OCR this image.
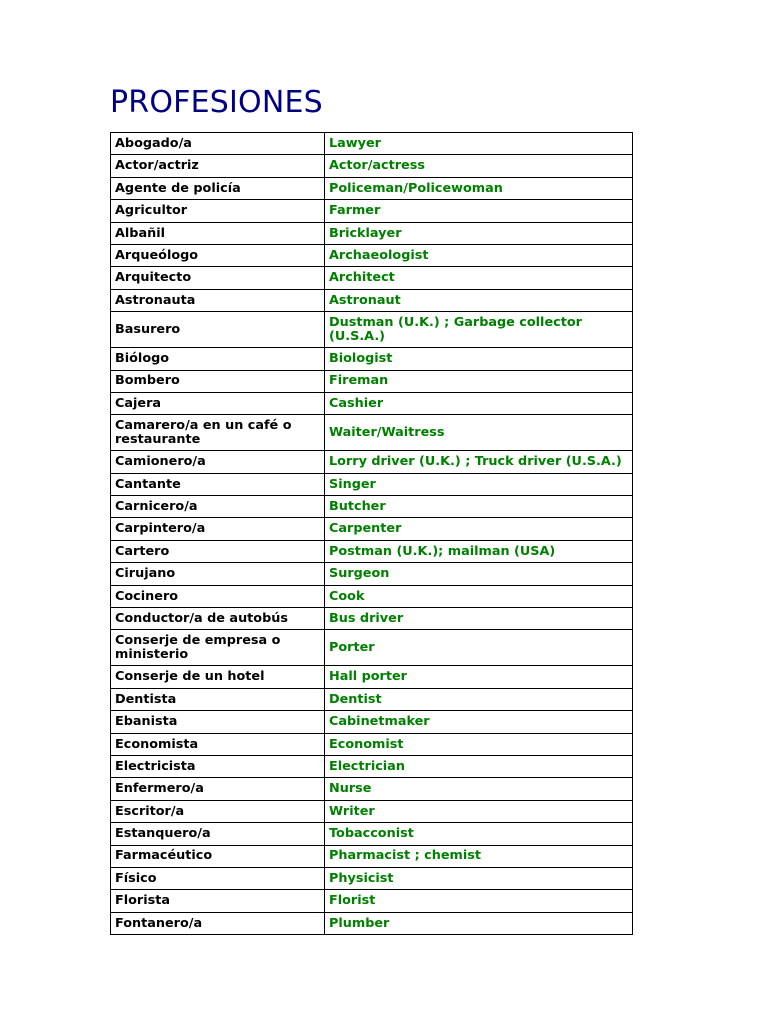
PROFESIONES
Abogado/a	Lawyer
Actor/actriz	Actor/actress
Agente de policía	Policeman/Policewoman
Agricultor	Farmer
Albañil	Bricklayer
Arqueólogo	Archaeologist
Arquitecto	Architect
Astronauta	Astronaut
Basurero	Dustman (U.K.) ; Garbage collector (U.S.A.)
Biólogo	Biologist
Bombero	Fireman
Cajera	Cashier
Camarero/a en un café o restaurante	Waiter/Waitress
Camionero/a	Lorry driver (U.K.) ; Truck driver (U.S.A.)
Cantante	Singer
Carnicero/a	Butcher
Carpintero/a	Carpenter
Cartero	Postman (U.K.); mailman (USA)
Cirujano	Surgeon
Cocinero	Cook
Conductor/a de autobús	Bus driver
Conserje de empresa o ministerio	Porter
Conserje de un hotel	Hall porter
Dentista	Dentist
Ebanista	Cabinetmaker
Economista	Economist
Electricista	Electrician
Enfermero/a	Nurse
Escritor/a	Writer
Estanquero/a	Tobacconist
Farmacéutico	Pharmacist ; chemist
Físico	Physicist
Florista	Florist
Fontanero/a	Plumber
